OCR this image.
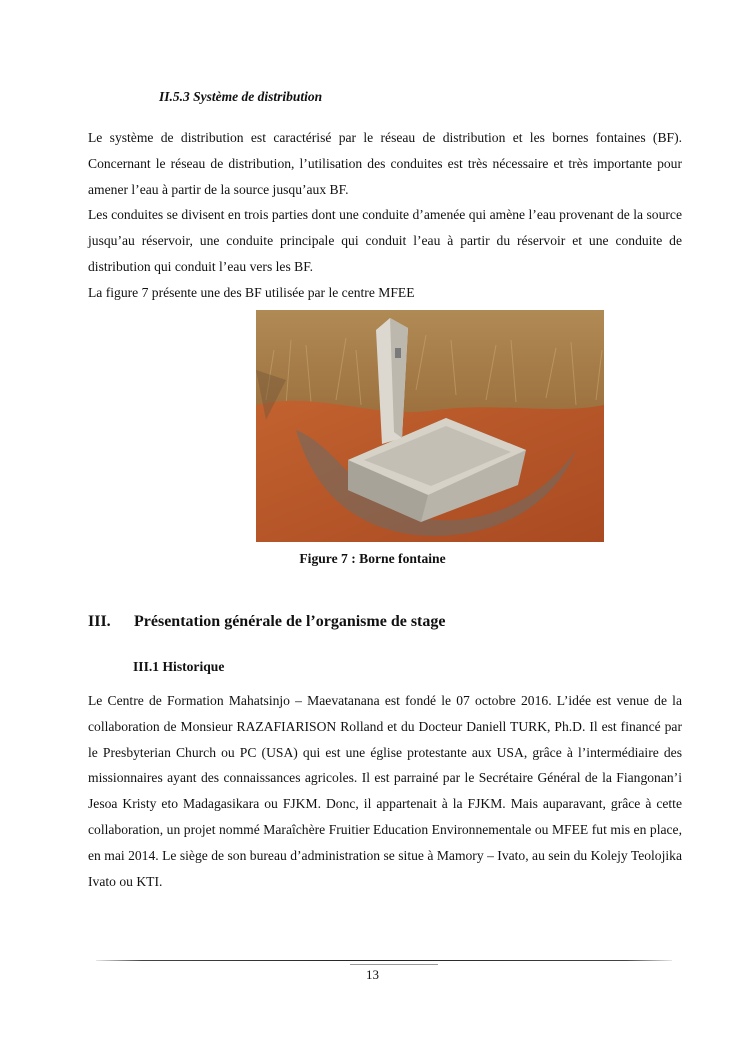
II.5.3 Système de distribution

Le système de distribution est caractérisé par le réseau de distribution et les bornes fontaines (BF). Concernant le réseau de distribution, l’utilisation des conduites est très nécessaire et très importante pour amener l’eau à partir de la source jusqu’aux BF.

Les conduites se divisent en trois parties dont une conduite d’amenée qui amène l’eau provenant de la source jusqu’au réservoir, une conduite principale qui conduit l’eau à partir du réservoir et une conduite de distribution qui conduit l’eau vers les BF.

La figure 7 présente une des BF utilisée par le centre MFEE

Figure 7 : Borne fontaine
III. Présentation générale de l’organisme de stage
III.1 Historique

Le Centre de Formation Mahatsinjo – Maevatanana est fondé le 07 octobre 2016. L’idée est venue de la collaboration de Monsieur RAZAFIARISON Rolland et du Docteur Daniell TURK, Ph.D. Il est financé par le Presbyterian Church ou PC (USA) qui est une église protestante aux USA, grâce à l’intermédiaire des missionnaires ayant des connaissances agricoles. Il est parrainé par le Secrétaire Général de la Fiangonan’i Jesoa Kristy eto Madagasikara ou FJKM. Donc, il appartenait à la FJKM. Mais auparavant, grâce à cette collaboration, un projet nommé Maraîchère Fruitier Education Environnementale ou MFEE fut mis en place, en mai 2014. Le siège de son bureau d’administration se situe à Mamory – Ivato, au sein du Kolejy Teolojika Ivato ou KTI.

13
